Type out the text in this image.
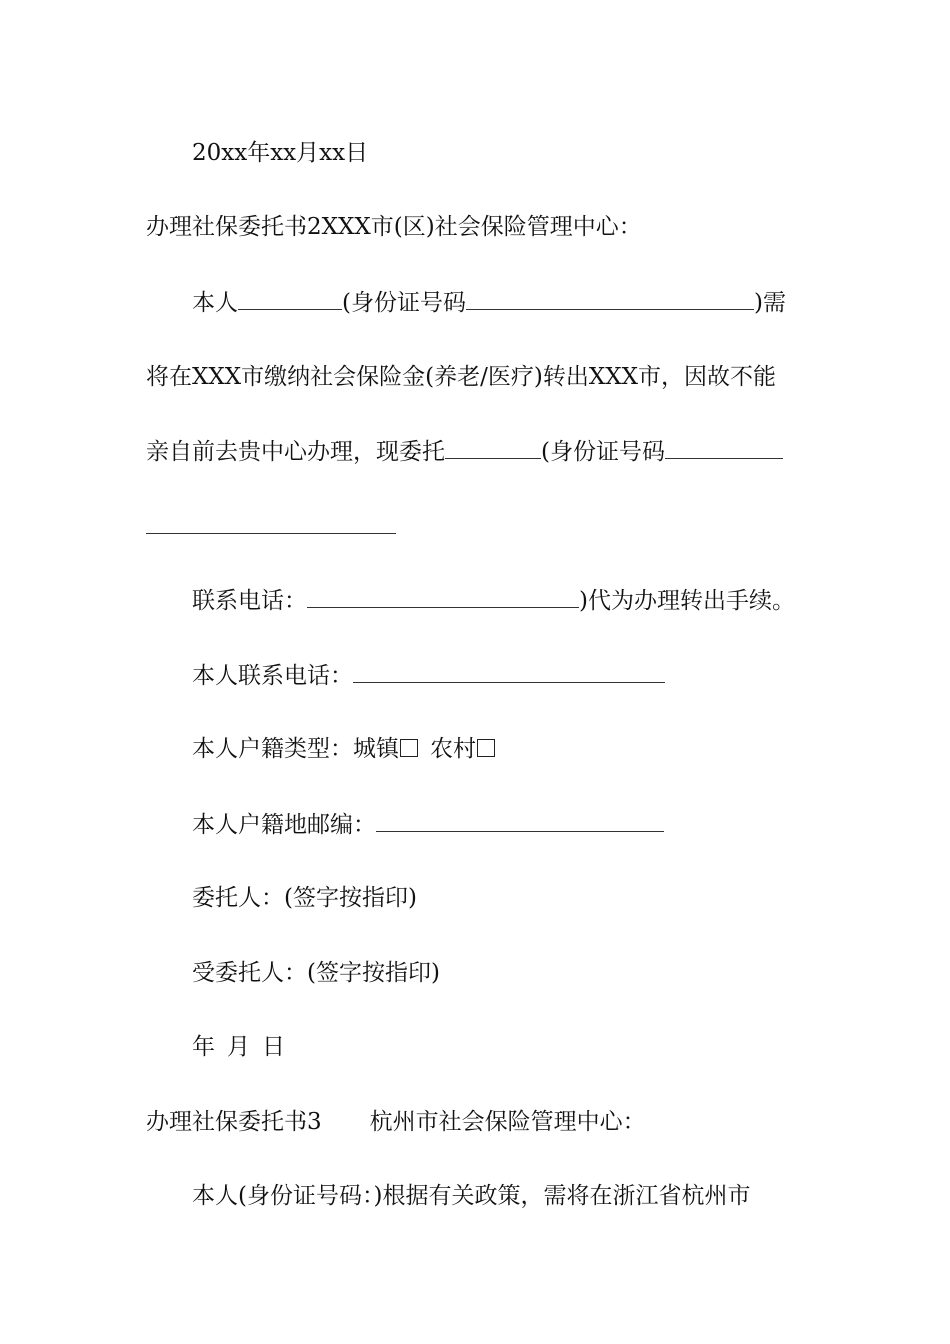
20xx年xx月xx日
办理社保委托书2XXX市(区)社会保险管理中心：
本人	(身份证号码	)需
将在XXX市缴纳社会保险金(养老/医疗)转出XXX市，因故不能
亲自前去贵中心办理，现委托	(身份证号码
联系电话：	)代为办理转出手续。
本人联系电话：
本人户籍类型：城镇 农村
本人户籍地邮编：
委托人：(签字按指印)
受委托人：(签字按指印)
年 月 日
办理社保委托书3 杭州市社会保险管理中心：
本人(身份证号码：)根据有关政策，需将在浙江省杭州市
